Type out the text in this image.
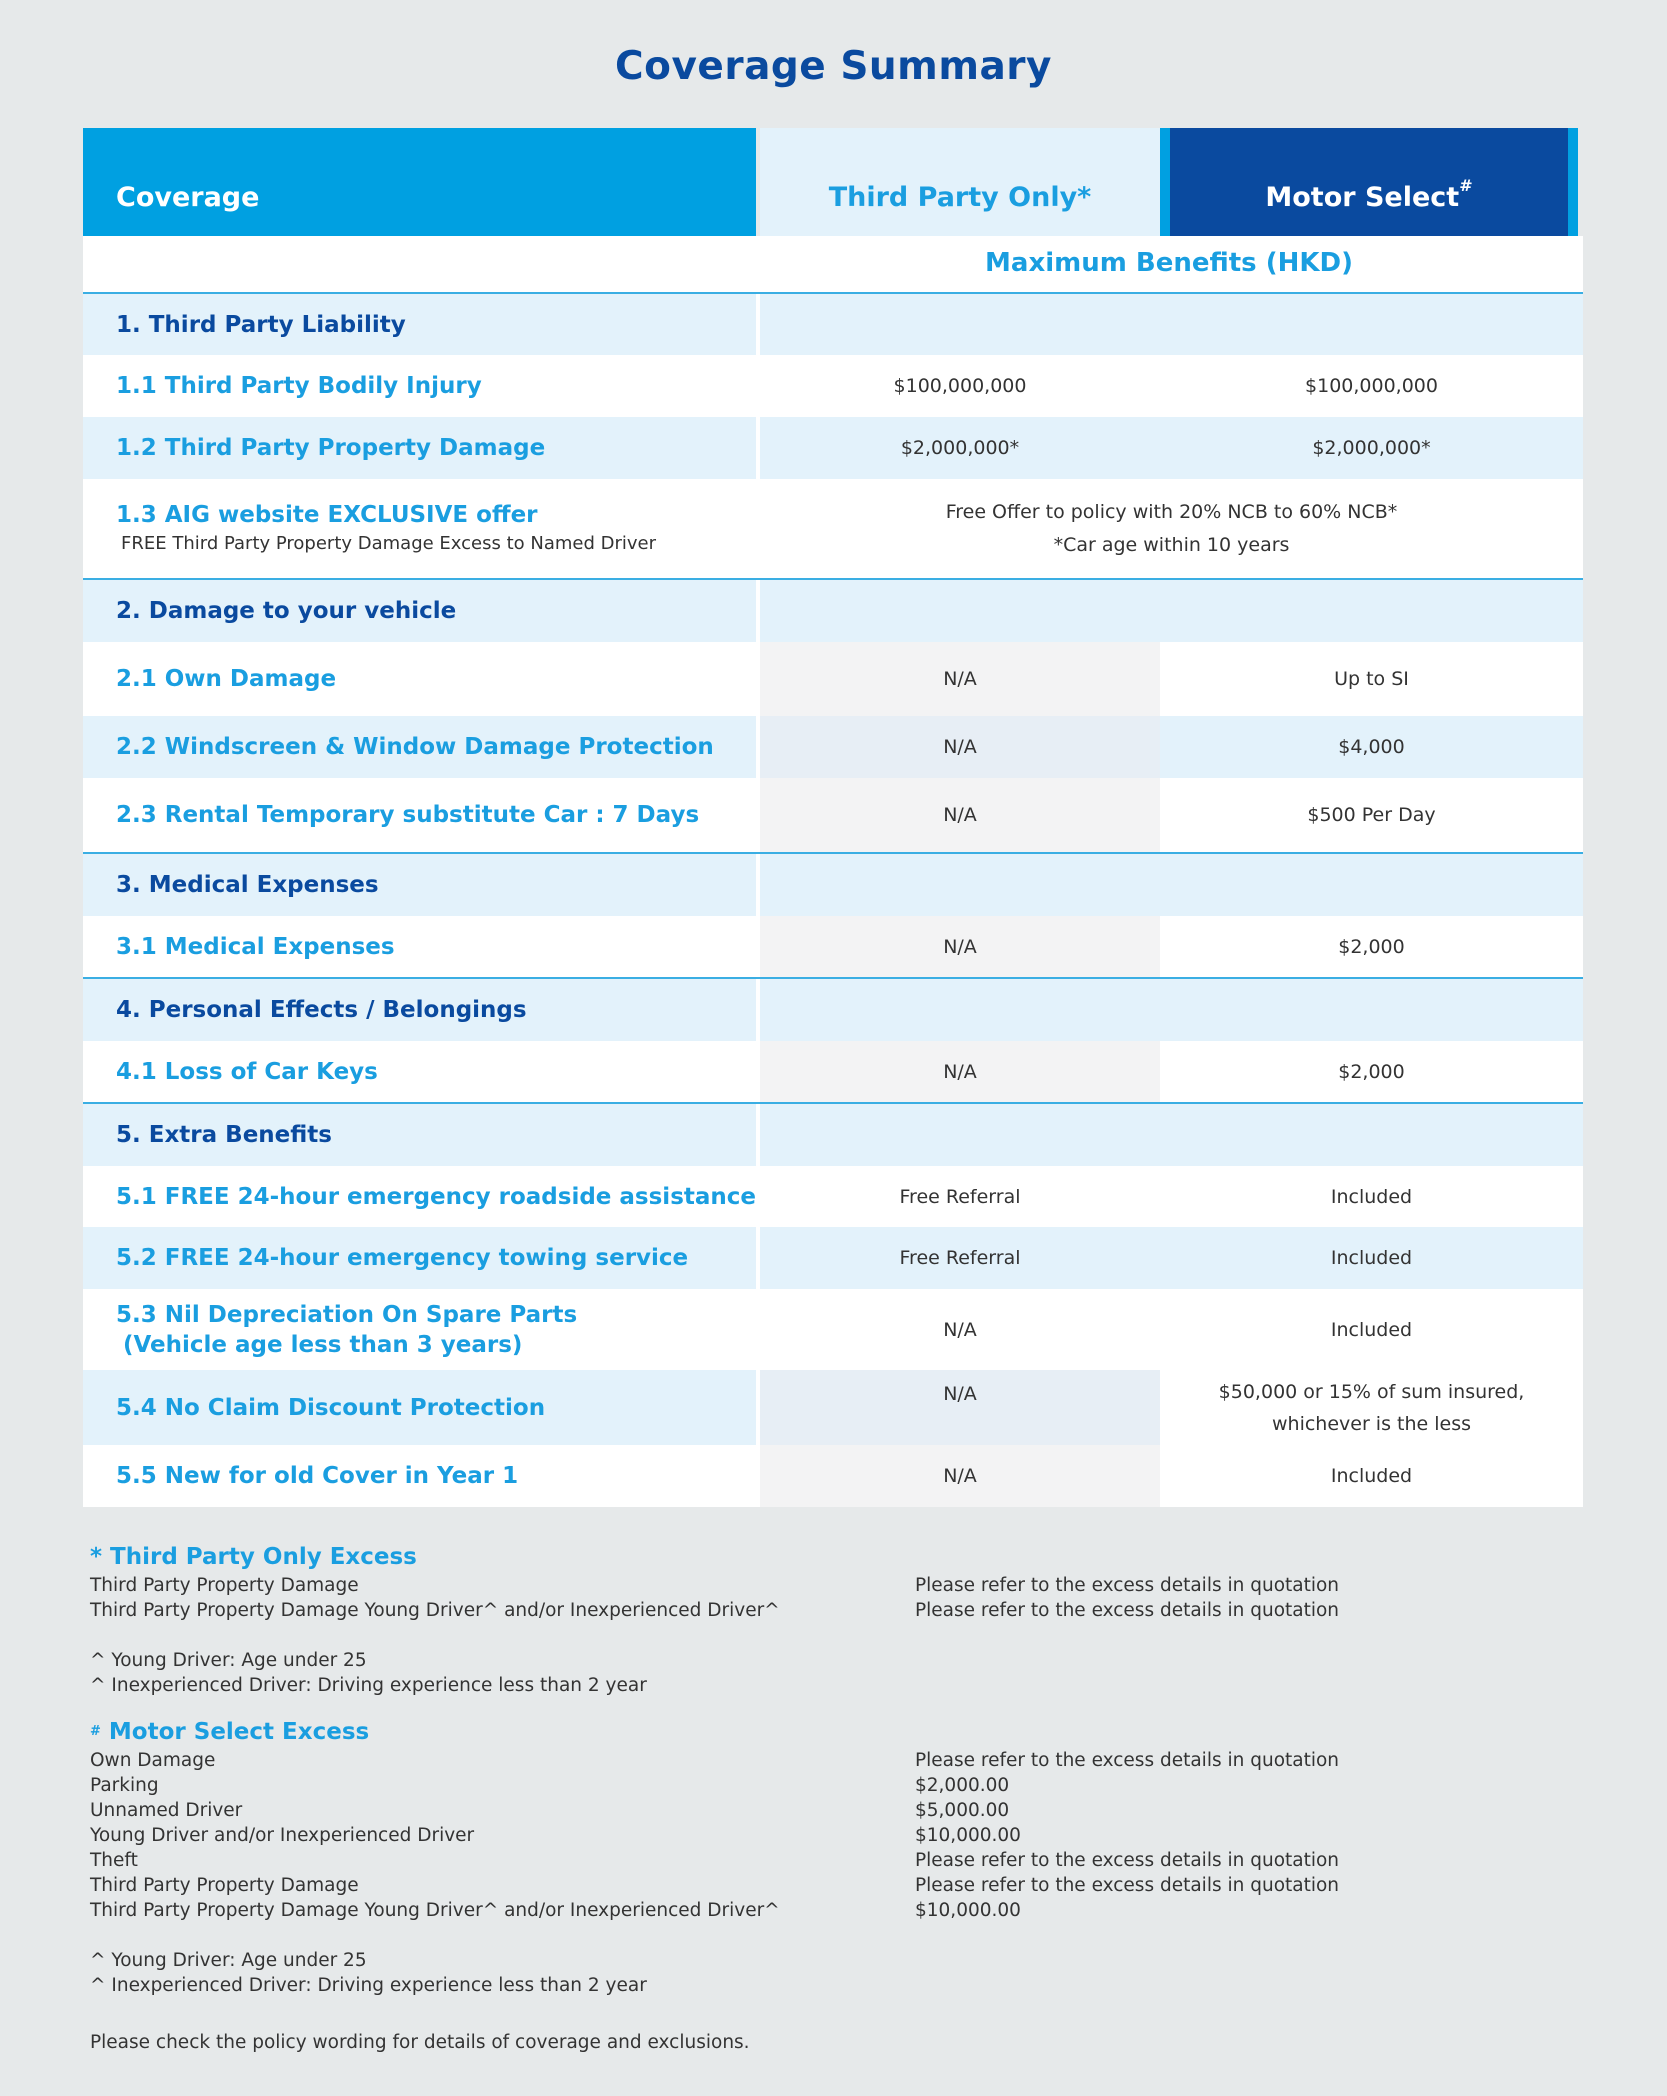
Coverage Summary
Coverage	Third Party Only*	Motor Select#
Maximum Benefits (HKD)
1. Third Party Liability
1.1 Third Party Bodily Injury	$100,000,000	$100,000,000
1.2 Third Party Property Damage	$2,000,000*	$2,000,000*
1.3 AIG website EXCLUSIVE offer
FREE Third Party Property Damage Excess to Named Driver
Free Offer to policy with 20% NCB to 60% NCB*
*Car age within 10 years
2. Damage to your vehicle
2.1 Own Damage	N/A	Up to SI
2.2 Windscreen & Window Damage Protection	N/A	$4,000
2.3 Rental Temporary substitute Car : 7 Days	N/A	$500 Per Day
3. Medical Expenses
3.1 Medical Expenses	N/A	$2,000
4. Personal Effects / Belongings
4.1 Loss of Car Keys	N/A	$2,000
5. Extra Benefits
5.1 FREE 24-hour emergency roadside assistance	Free Referral	Included
5.2 FREE 24-hour emergency towing service	Free Referral	Included
5.3 Nil Depreciation On Spare Parts
(Vehicle age less than 3 years)
N/A	Included
5.4 No Claim Discount Protection
N/A	$50,000 or 15% of sum insured,
whichever is the less
5.5 New for old Cover in Year 1	N/A	Included
* Third Party Only Excess
Third Party Property Damage	Please refer to the excess details in quotation
Third Party Property Damage Young Driver^ and/or Inexperienced Driver^	Please refer to the excess details in quotation
^ Young Driver: Age under 25
^ Inexperienced Driver: Driving experience less than 2 year
# Motor Select Excess
Own Damage	Please refer to the excess details in quotation
Parking	$2,000.00
Unnamed Driver	$5,000.00
Young Driver and/or Inexperienced Driver	$10,000.00
Theft	Please refer to the excess details in quotation
Third Party Property Damage	Please refer to the excess details in quotation
Third Party Property Damage Young Driver^ and/or Inexperienced Driver^	$10,000.00
^ Young Driver: Age under 25
^ Inexperienced Driver: Driving experience less than 2 year
Please check the policy wording for details of coverage and exclusions.
